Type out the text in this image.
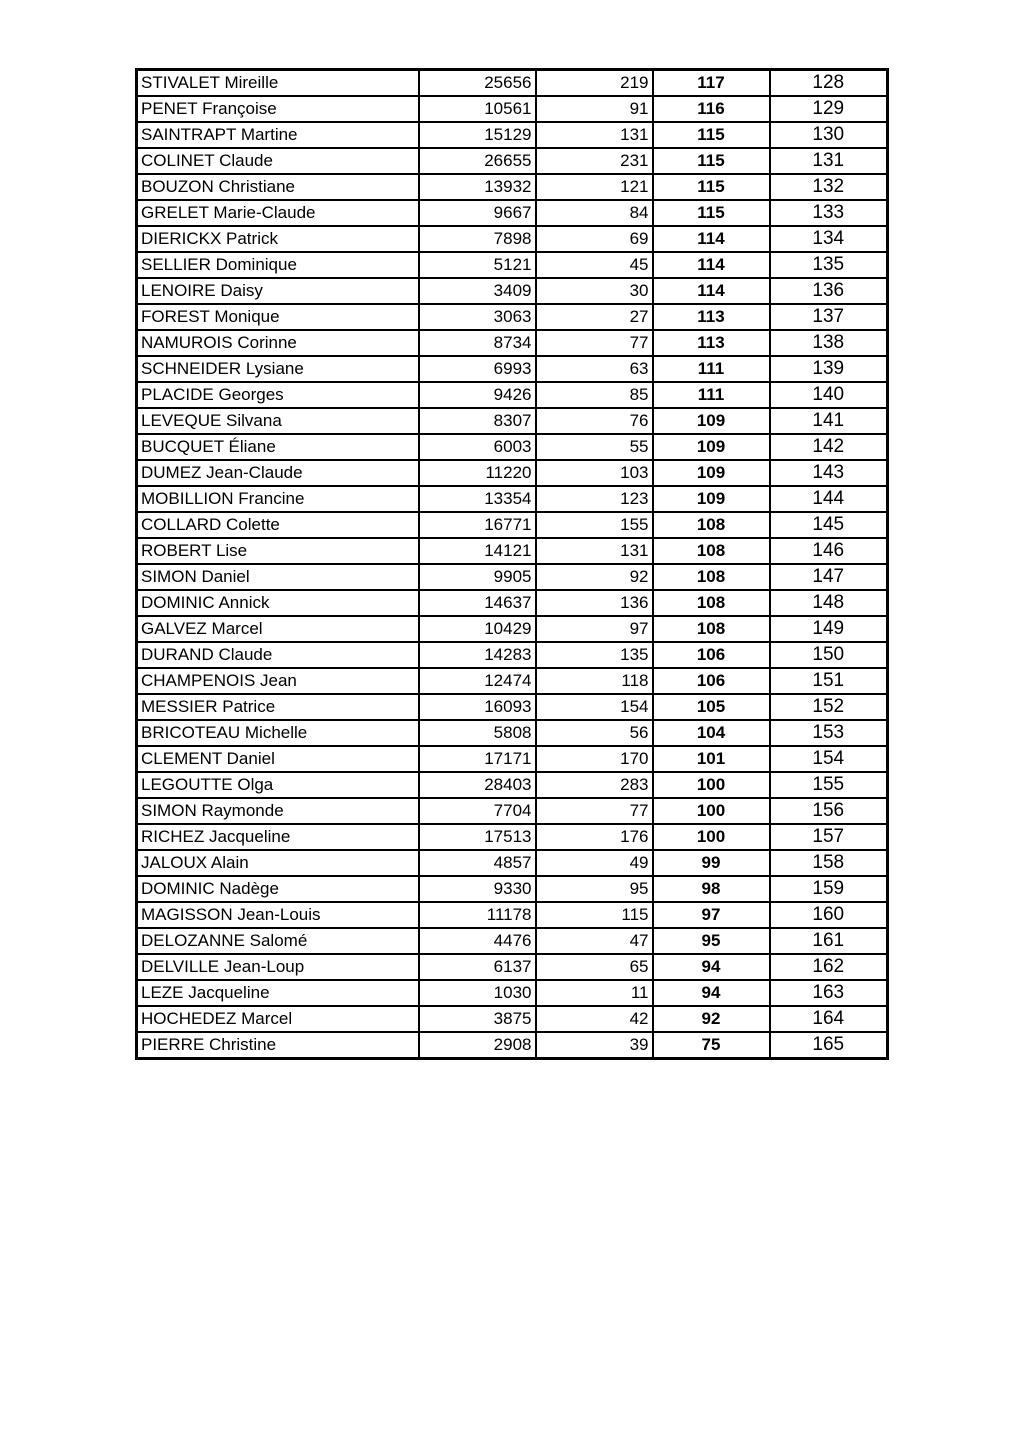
STIVALET Mireille	25656	219	117	128
PENET Françoise	10561	91	116	129
SAINTRAPT Martine	15129	131	115	130
COLINET Claude	26655	231	115	131
BOUZON Christiane	13932	121	115	132
GRELET Marie-Claude	9667	84	115	133
DIERICKX Patrick	7898	69	114	134
SELLIER Dominique	5121	45	114	135
LENOIRE Daisy	3409	30	114	136
FOREST Monique	3063	27	113	137
NAMUROIS Corinne	8734	77	113	138
SCHNEIDER Lysiane	6993	63	111	139
PLACIDE Georges	9426	85	111	140
LEVEQUE Silvana	8307	76	109	141
BUCQUET Éliane	6003	55	109	142
DUMEZ Jean-Claude	11220	103	109	143
MOBILLION Francine	13354	123	109	144
COLLARD Colette	16771	155	108	145
ROBERT Lise	14121	131	108	146
SIMON Daniel	9905	92	108	147
DOMINIC Annick	14637	136	108	148
GALVEZ Marcel	10429	97	108	149
DURAND Claude	14283	135	106	150
CHAMPENOIS Jean	12474	118	106	151
MESSIER Patrice	16093	154	105	152
BRICOTEAU Michelle	5808	56	104	153
CLEMENT Daniel	17171	170	101	154
LEGOUTTE Olga	28403	283	100	155
SIMON Raymonde	7704	77	100	156
RICHEZ Jacqueline	17513	176	100	157
JALOUX Alain	4857	49	99	158
DOMINIC Nadège	9330	95	98	159
MAGISSON Jean-Louis	11178	115	97	160
DELOZANNE Salomé	4476	47	95	161
DELVILLE Jean-Loup	6137	65	94	162
LEZE Jacqueline	1030	11	94	163
HOCHEDEZ Marcel	3875	42	92	164
PIERRE Christine	2908	39	75	165
